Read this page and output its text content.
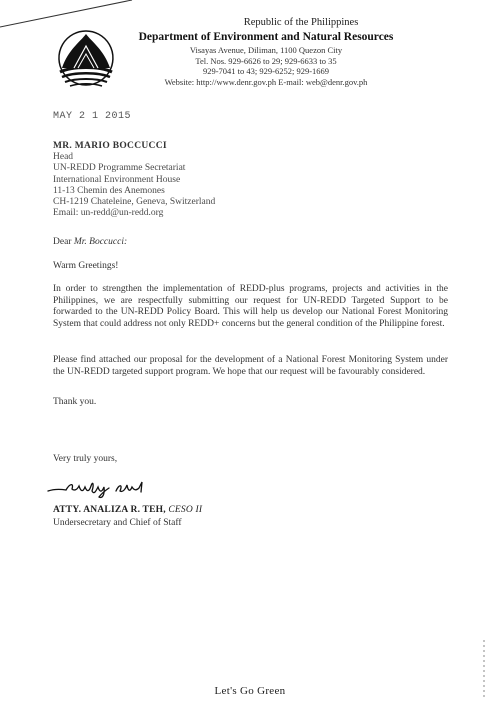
Republic of the Philippines
Department of Environment and Natural Resources
Visayas Avenue, Diliman, 1100 Quezon City
Tel. Nos. 929-6626 to 29; 929-6633 to 35
929-7041 to 43; 929-6252; 929-1669
Website: http://www.denr.gov.ph E-mail: web@denr.gov.ph
MAY 2 1 2015
MR. MARIO BOCCUCCI
Head
UN-REDD Programme Secretariat
International Environment House
11-13 Chemin des Anemones
CH-1219 Chateleine, Geneva, Switzerland
Email: un-redd@un-redd.org
Dear Mr. Boccucci:
Warm Greetings!
In order to strengthen the implementation of REDD-plus programs, projects and activities in the Philippines, we are respectfully submitting our request for UN-REDD Targeted Support to be forwarded to the UN-REDD Policy Board. This will help us develop our National Forest Monitoring System that could address not only REDD+ concerns but the general condition of the Philippine forest.
Please find attached our proposal for the development of a National Forest Monitoring System under the UN-REDD targeted support program. We hope that our request will be favourably considered.
Thank you.
Very truly yours,
ATTY. ANALIZA R. TEH, CESO II
Undersecretary and Chief of Staff
Let's Go Green
